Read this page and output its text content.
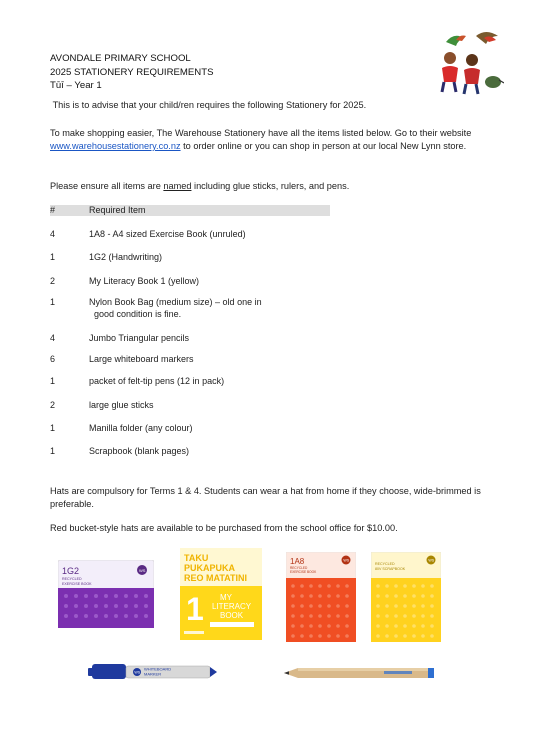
AVONDALE PRIMARY SCHOOL
2025 STATIONERY REQUIREMENTS
Tūī – Year 1
This is to advise that your child/ren requires the following Stationery for 2025.
To make shopping easier, The Warehouse Stationery have all the items listed below. Go to their website www.warehousestationery.co.nz to order online or you can shop in person at our local New Lynn store.
Please ensure all items are named including glue sticks, rulers, and pens.
#	Required Item
4	1A8 - A4 sized Exercise Book (unruled)
1	1G2 (Handwriting)
2	My Literacy Book 1 (yellow)
1	Nylon Book Bag (medium size) – old one in
good condition is fine.
4	Jumbo Triangular pencils
6	Large whiteboard markers
1	packet of felt-tip pens (12 in pack)
2	large glue sticks
1	Manilla folder (any colour)
1	Scrapbook (blank pages)
Hats are compulsory for Terms 1 & 4. Students can wear a hat from home if they choose, wide-brimmed is preferable.
Red bucket-style hats are available to be purchased from the school office for $10.00.
1G2
RECYCLED
EXERCISE BOOK
WS
TAKU
PUKAPUKA
REO MATATINI
1 MY
LITERACY
BOOK
1A8
RECYCLED
EXERCISE BOOK
WS
RECYCLED
80V SCRAPBOOK
WS
WS
WHITEBOARD
MARKER
